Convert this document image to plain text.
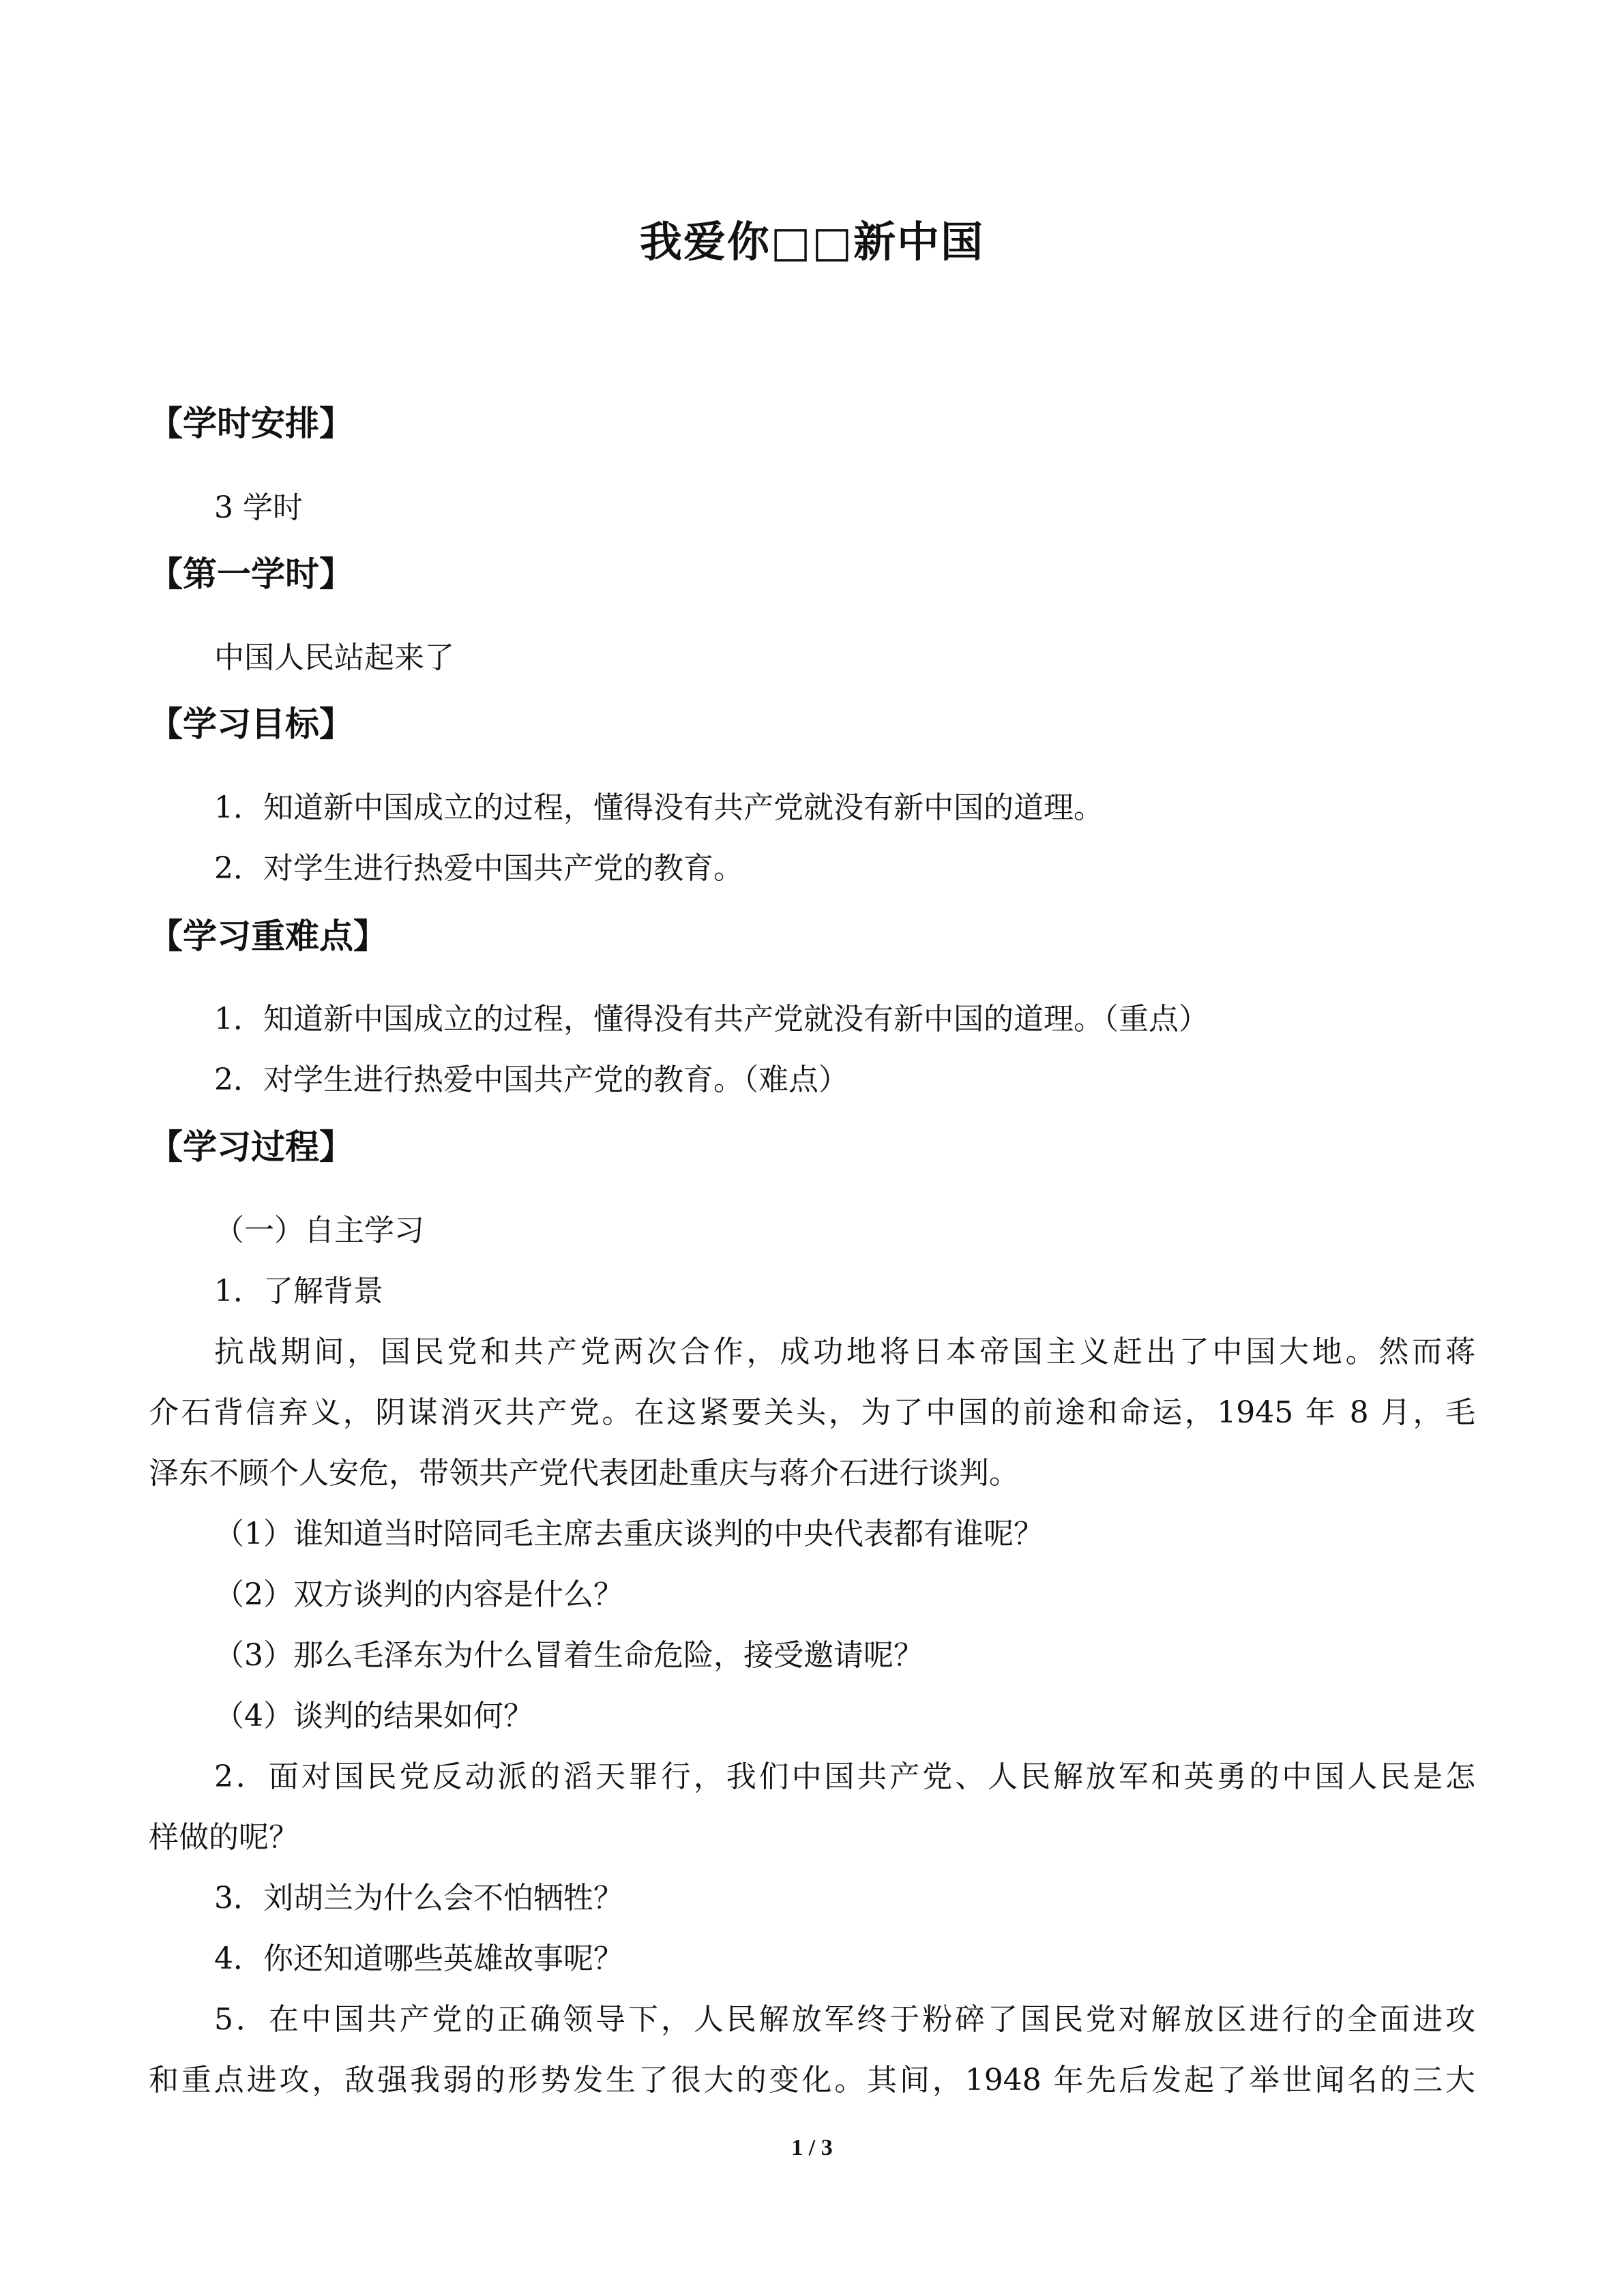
我爱你□□新中国
【学时安排】
3 学时
【第一学时】
中国人民站起来了
【学习目标】
1．知道新中国成立的过程，懂得没有共产党就没有新中国的道理。
2．对学生进行热爱中国共产党的教育。
【学习重难点】
1．知道新中国成立的过程，懂得没有共产党就没有新中国的道理。（重点）
2．对学生进行热爱中国共产党的教育。（难点）
【学习过程】
（一）自主学习
1．了解背景
抗战期间，国民党和共产党两次合作，成功地将日本帝国主义赶出了中国大地。然而蒋
介石背信弃义，阴谋消灭共产党。在这紧要关头，为了中国的前途和命运，1945 年 8 月，毛
泽东不顾个人安危，带领共产党代表团赴重庆与蒋介石进行谈判。
（1）谁知道当时陪同毛主席去重庆谈判的中央代表都有谁呢？
（2）双方谈判的内容是什么？
（3）那么毛泽东为什么冒着生命危险，接受邀请呢？
（4）谈判的结果如何？
2．面对国民党反动派的滔天罪行，我们中国共产党、人民解放军和英勇的中国人民是怎
样做的呢？
3．刘胡兰为什么会不怕牺牲？
4．你还知道哪些英雄故事呢？
5．在中国共产党的正确领导下，人民解放军终于粉碎了国民党对解放区进行的全面进攻
和重点进攻，敌强我弱的形势发生了很大的变化。其间，1948 年先后发起了举世闻名的三大
1 / 3
